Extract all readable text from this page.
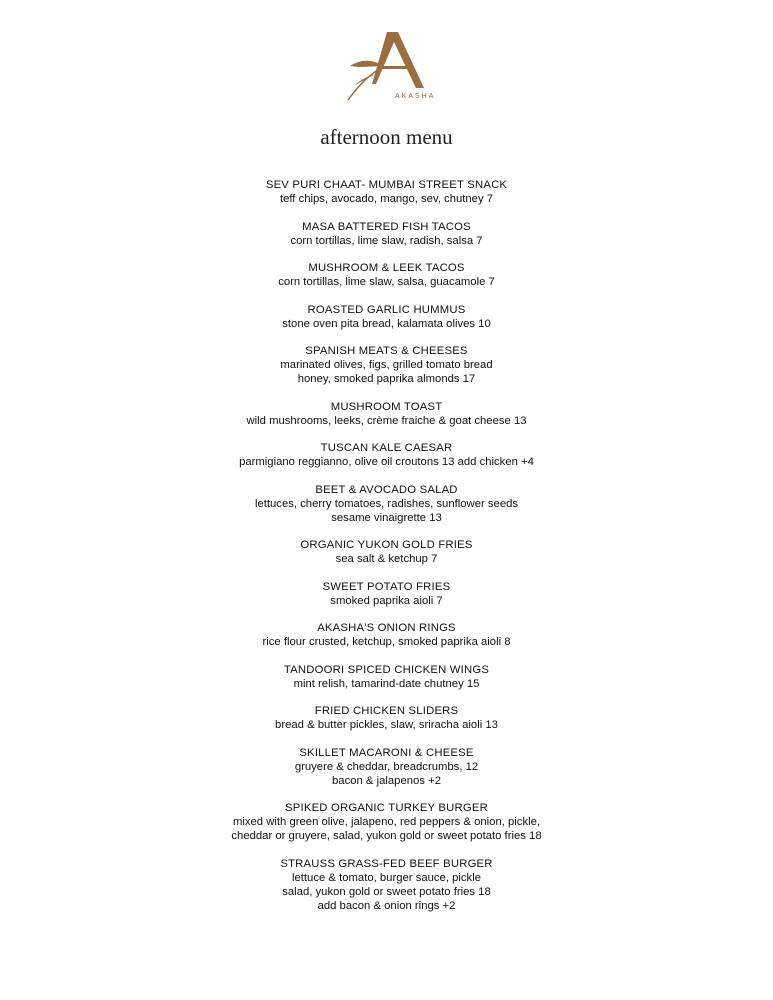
AKASHA
afternoon menu
SEV PURI CHAAT- MUMBAI STREET SNACK
teff chips, avocado, mango, sev, chutney 7
MASA BATTERED FISH TACOS
corn tortillas, lime slaw, radish, salsa 7
MUSHROOM & LEEK TACOS
corn tortillas, lime slaw, salsa, guacamole 7
ROASTED GARLIC HUMMUS
stone oven pita bread, kalamata olives 10
SPANISH MEATS & CHEESES
marinated olives, figs, grilled tomato bread
honey, smoked paprika almonds 17
MUSHROOM TOAST
wild mushrooms, leeks, crème fraiche & goat cheese 13
TUSCAN KALE CAESAR
parmigiano reggianno, olive oil croutons 13 add chicken +4
BEET & AVOCADO SALAD
lettuces, cherry tomatoes, radishes, sunflower seeds
sesame vinaigrette 13
ORGANIC YUKON GOLD FRIES
sea salt & ketchup 7
SWEET POTATO FRIES
smoked paprika aioli 7
AKASHA'S ONION RINGS
rice flour crusted, ketchup, smoked paprika aioli 8
TANDOORI SPICED CHICKEN WINGS
mint relish, tamarind-date chutney 15
FRIED CHICKEN SLIDERS
bread & butter pickles, slaw, sriracha aioli 13
SKILLET MACARONI & CHEESE
gruyere & cheddar, breadcrumbs, 12
bacon & jalapenos +2
SPIKED ORGANIC TURKEY BURGER
mixed with green olive, jalapeno, red peppers & onion, pickle,
cheddar or gruyere, salad, yukon gold or sweet potato fries 18
STRAUSS GRASS-FED BEEF BURGER
lettuce & tomato, burger sauce, pickle
salad, yukon gold or sweet potato fries 18
add bacon & onion rings +2
